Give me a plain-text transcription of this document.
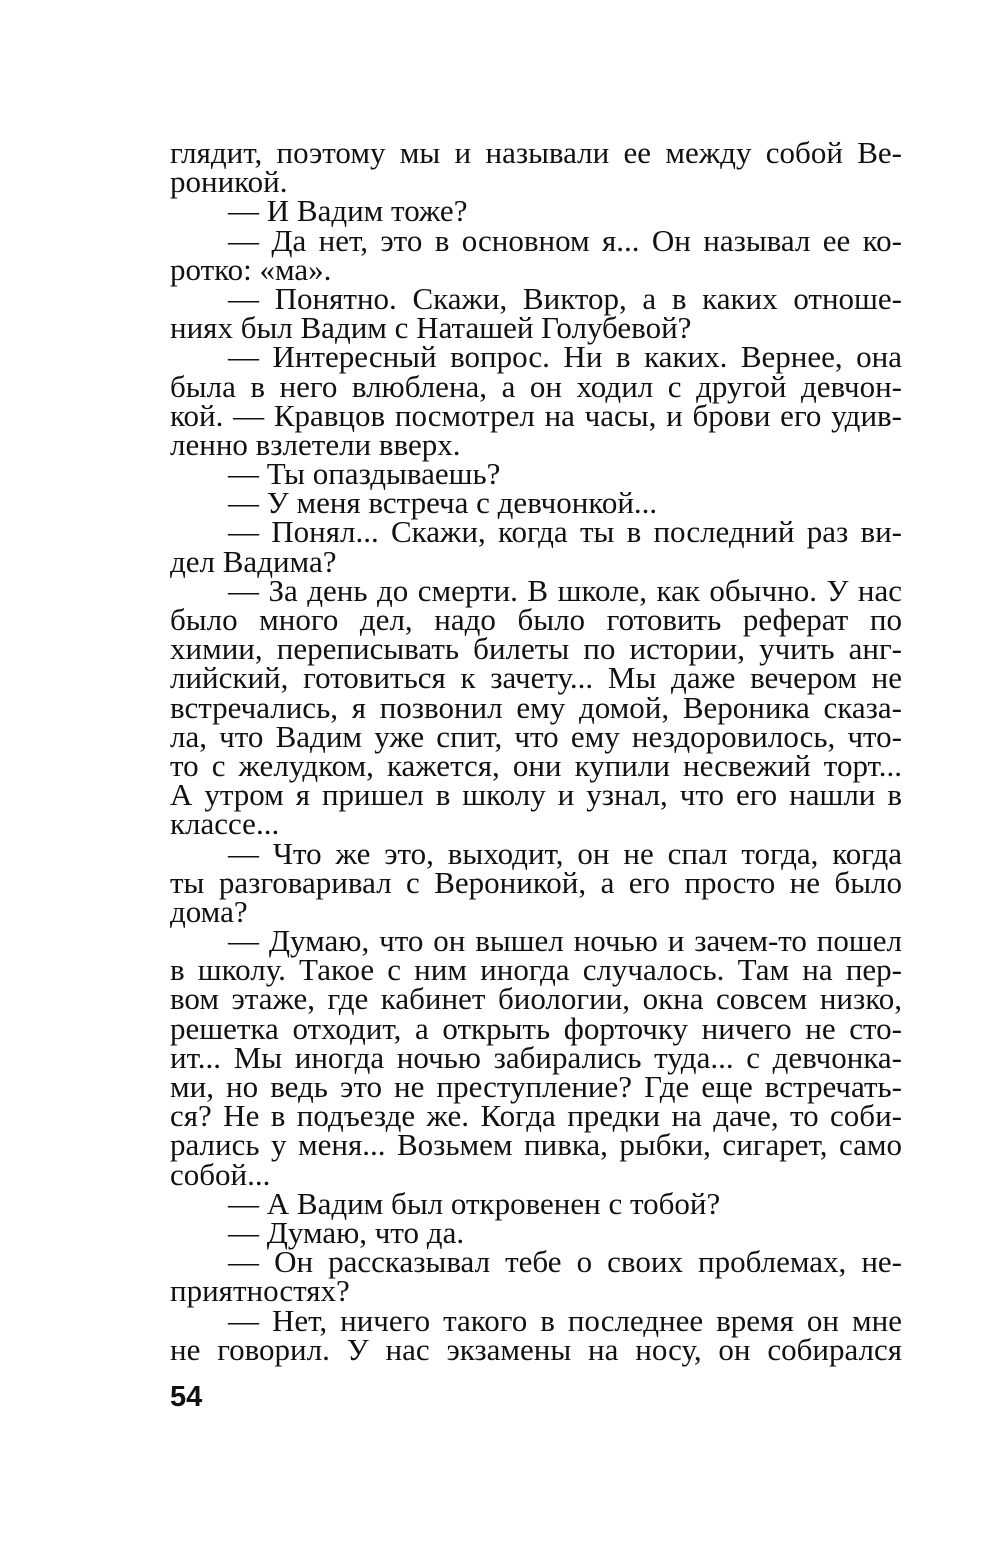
глядит, поэтому мы и называли ее между собой Ве-
роникой.
— И Вадим тоже?
— Да нет, это в основном я... Он называл ее ко-
ротко: «ма».
— Понятно. Скажи, Виктор, а в каких отноше-
ниях был Вадим с Наташей Голубевой?
— Интересный вопрос. Ни в каких. Вернее, она
была в него влюблена, а он ходил с другой девчон-
кой. — Кравцов посмотрел на часы, и брови его удив-
ленно взлетели вверх.
— Ты опаздываешь?
— У меня встреча с девчонкой...
— Понял... Скажи, когда ты в последний раз ви-
дел Вадима?
— За день до смерти. В школе, как обычно. У нас
было много дел, надо было готовить реферат по
химии, переписывать билеты по истории, учить анг-
лийский, готовиться к зачету... Мы даже вечером не
встречались, я позвонил ему домой, Вероника сказа-
ла, что Вадим уже спит, что ему нездоровилось, что-
то с желудком, кажется, они купили несвежий торт...
А утром я пришел в школу и узнал, что его нашли в
классе...
— Что же это, выходит, он не спал тогда, когда
ты разговаривал с Вероникой, а его просто не было
дома?
— Думаю, что он вышел ночью и зачем-то пошел
в школу. Такое с ним иногда случалось. Там на пер-
вом этаже, где кабинет биологии, окна совсем низко,
решетка отходит, а открыть форточку ничего не сто-
ит... Мы иногда ночью забирались туда... с девчонка-
ми, но ведь это не преступление? Где еще встречать-
ся? Не в подъезде же. Когда предки на даче, то соби-
рались у меня... Возьмем пивка, рыбки, сигарет, само
собой...
— А Вадим был откровенен с тобой?
— Думаю, что да.
— Он рассказывал тебе о своих проблемах, не-
приятностях?
— Нет, ничего такого в последнее время он мне
не говорил. У нас экзамены на носу, он собирался
54
